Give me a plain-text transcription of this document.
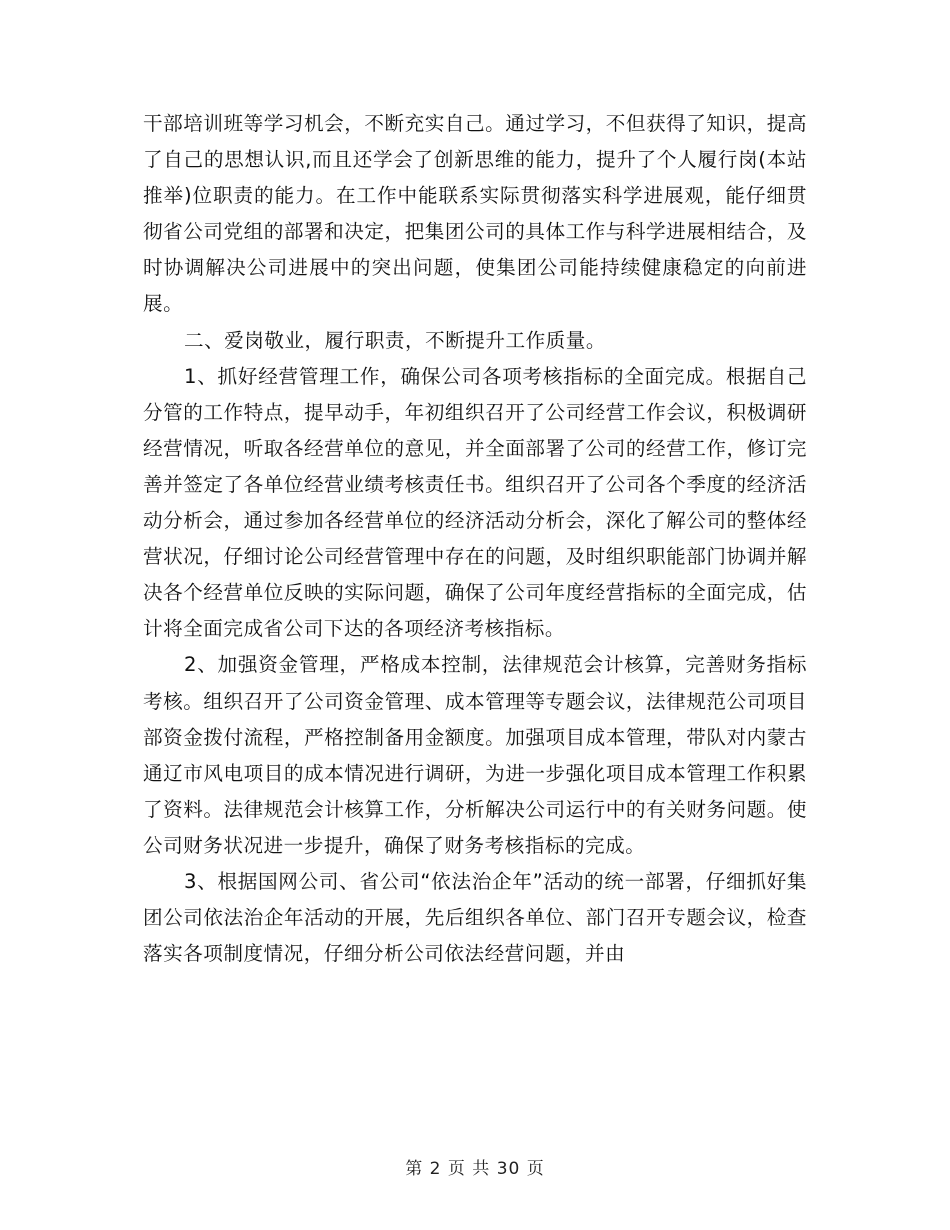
干部培训班等学习机会，不断充实自己。通过学习，不但获得了知识，提高了自己的思想认识,而且还学会了创新思维的能力，提升了个人履行岗(本站 推举)位职责的能力。在工作中能联系实际贯彻落实科学进展观，能仔细贯彻省公司党组的部署和决定，把集团公司的具体工作与科学进展相结合，及时协调解决公司进展中的突出问题，使集团公司能持续健康稳定的向前进展。

二、爱岗敬业，履行职责，不断提升工作质量。

1、抓好经营管理工作，确保公司各项考核指标的全面完成。根据自己分管的工作特点，提早动手，年初组织召开了公司经营工作会议，积极调研经营情况，听取各经营单位的意见，并全面部署了公司的经营工作，修订完善并签定了各单位经营业绩考核责任书。组织召开了公司各个季度的经济活动分析会，通过参加各经营单位的经济活动分析会，深化了解公司的整体经营状况，仔细讨论公司经营管理中存在的问题，及时组织职能部门协调并解决各个经营单位反映的实际问题，确保了公司年度经营指标的全面完成，估计将全面完成省公司下达的各项经济考核指标。

2、加强资金管理，严格成本控制，法律规范会计核算，完善财务指标考核。组织召开了公司资金管理、成本管理等专题会议，法律规范公司项目部资金拨付流程，严格控制备用金额度。加强项目成本管理，带队对内蒙古通辽市风电项目的成本情况进行调研，为进一步强化项目成本管理工作积累了资料。法律规范会计核算工作，分析解决公司运行中的有关财务问题。使公司财务状况进一步提升，确保了财务考核指标的完成。

3、根据国网公司、省公司“依法治企年”活动的统一部署，仔细抓好集团公司依法治企年活动的开展，先后组织各单位、部门召开专题会议，检查落实各项制度情况，仔细分析公司依法经营问题，并由

第 2 页 共 30 页
